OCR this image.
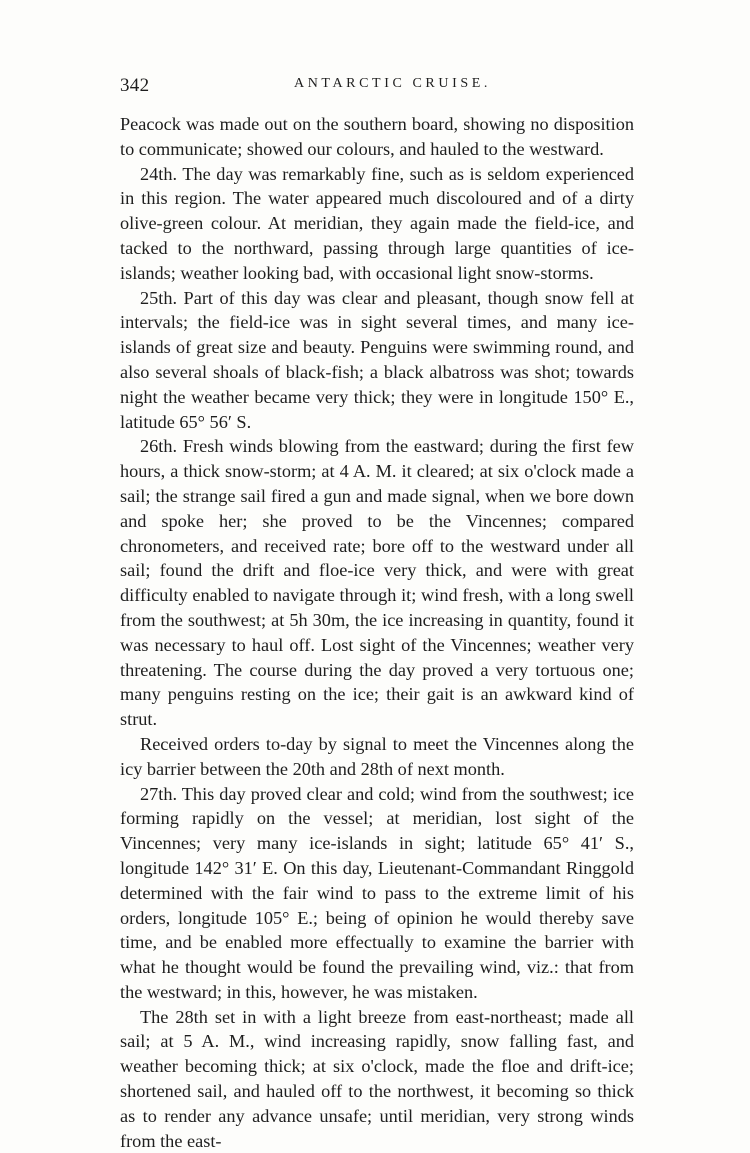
342	ANTARCTIC CRUISE.

Peacock was made out on the southern board, showing no disposition to communicate; showed our colours, and hauled to the westward.

24th. The day was remarkably fine, such as is seldom experienced in this region. The water appeared much discoloured and of a dirty olive-green colour. At meridian, they again made the field-ice, and tacked to the northward, passing through large quantities of ice-islands; weather looking bad, with occasional light snow-storms.

25th. Part of this day was clear and pleasant, though snow fell at intervals; the field-ice was in sight several times, and many ice-islands of great size and beauty. Penguins were swimming round, and also several shoals of black-fish; a black albatross was shot; towards night the weather became very thick; they were in longitude 150° E., latitude 65° 56′ S.

26th. Fresh winds blowing from the eastward; during the first few hours, a thick snow-storm; at 4 A. M. it cleared; at six o'clock made a sail; the strange sail fired a gun and made signal, when we bore down and spoke her; she proved to be the Vincennes; compared chronometers, and received rate; bore off to the westward under all sail; found the drift and floe-ice very thick, and were with great difficulty enabled to navigate through it; wind fresh, with a long swell from the southwest; at 5h 30m, the ice increasing in quantity, found it was necessary to haul off. Lost sight of the Vincennes; weather very threatening. The course during the day proved a very tortuous one; many penguins resting on the ice; their gait is an awkward kind of strut.

Received orders to-day by signal to meet the Vincennes along the icy barrier between the 20th and 28th of next month.

27th. This day proved clear and cold; wind from the southwest; ice forming rapidly on the vessel; at meridian, lost sight of the Vincennes; very many ice-islands in sight; latitude 65° 41′ S., longitude 142° 31′ E. On this day, Lieutenant-Commandant Ringgold determined with the fair wind to pass to the extreme limit of his orders, longitude 105° E.; being of opinion he would thereby save time, and be enabled more effectually to examine the barrier with what he thought would be found the prevailing wind, viz.: that from the westward; in this, however, he was mistaken.

The 28th set in with a light breeze from east-northeast; made all sail; at 5 A. M., wind increasing rapidly, snow falling fast, and weather becoming thick; at six o'clock, made the floe and drift-ice; shortened sail, and hauled off to the northwest, it becoming so thick as to render any advance unsafe; until meridian, very strong winds from the east-
